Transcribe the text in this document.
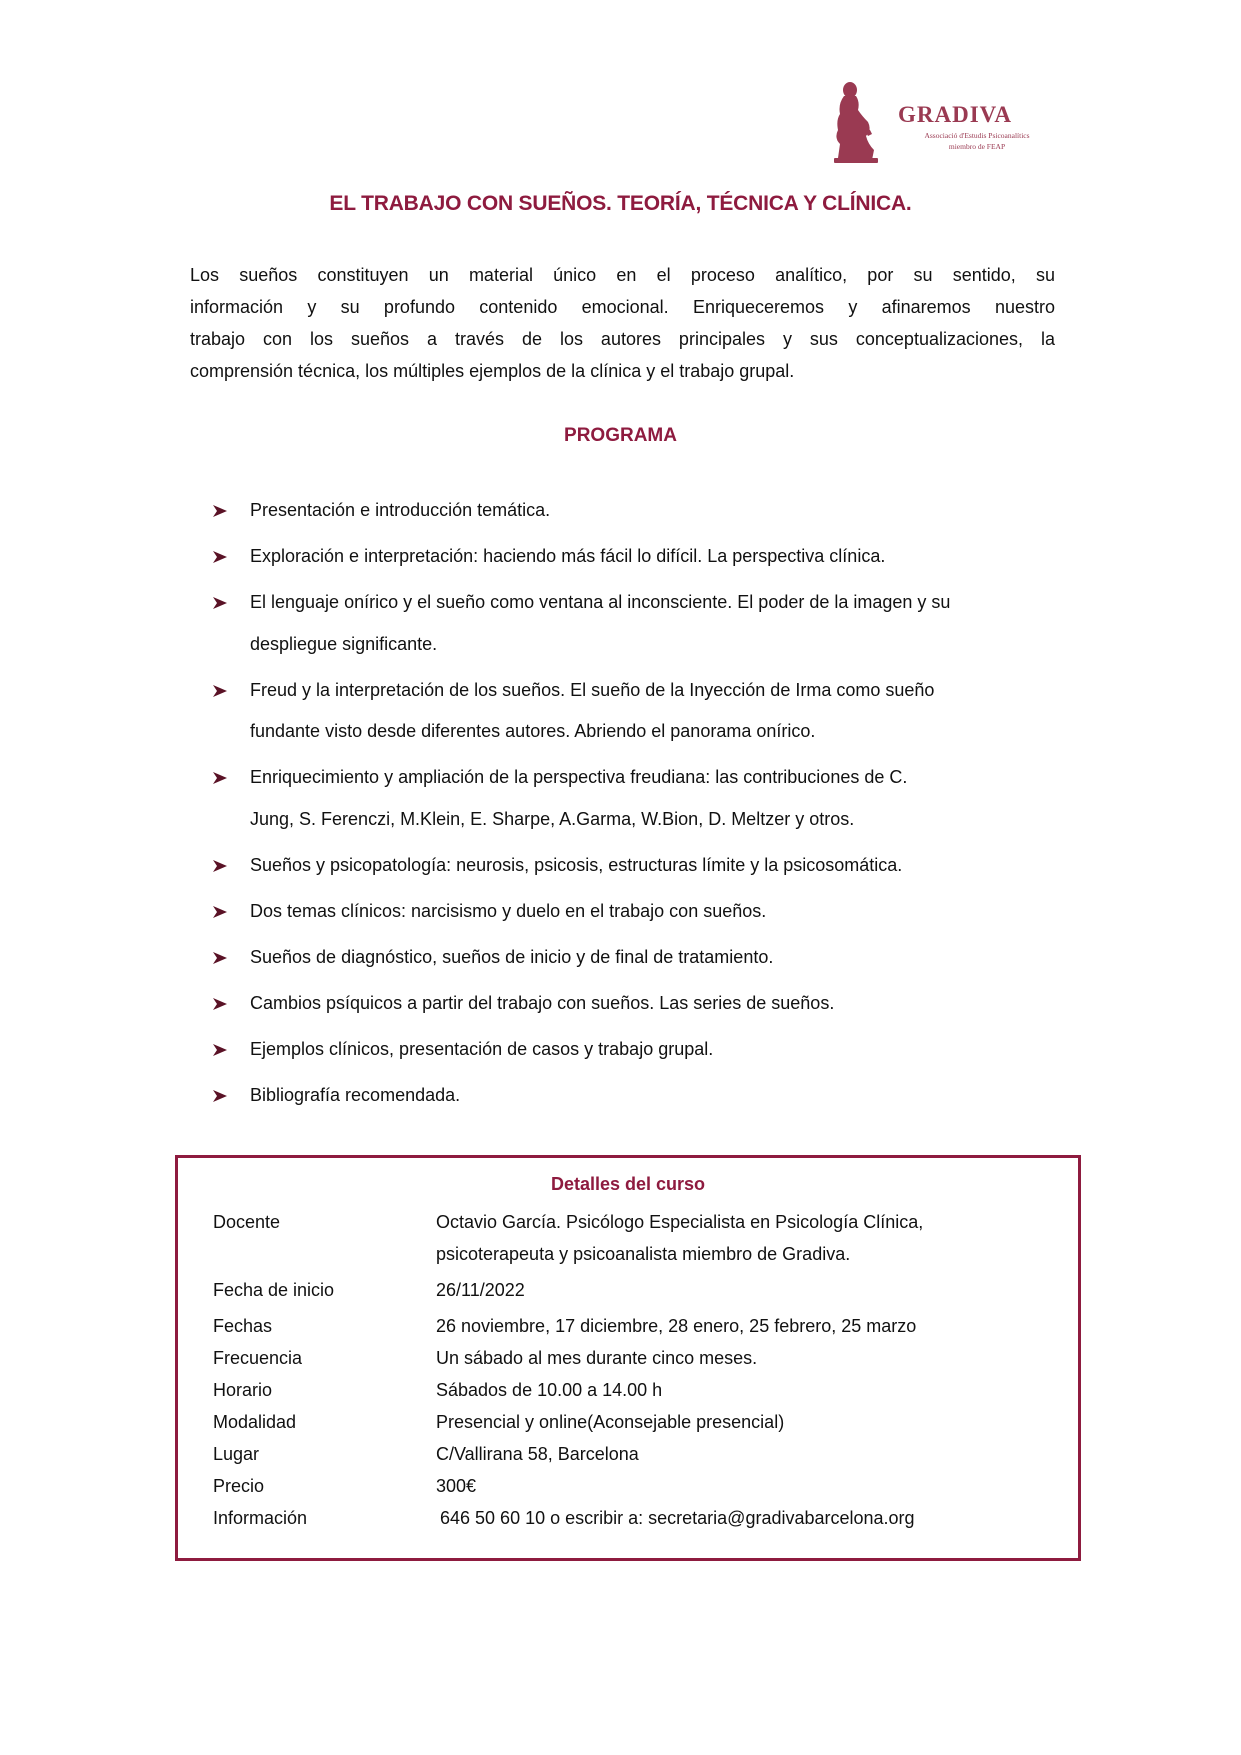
GRADIVA
Associació d'Estudis Psicoanalítics
miembro de FEAP
EL TRABAJO CON SUEÑOS. TEORÍA, TÉCNICA Y CLÍNICA.
Los sueños constituyen un material único en el proceso analítico, por su sentido, su
información y su profundo contenido emocional. Enriqueceremos y afinaremos nuestro
trabajo con los sueños a través de los autores principales y sus conceptualizaciones, la
comprensión técnica, los múltiples ejemplos de la clínica y el trabajo grupal.
PROGRAMA
Presentación e introducción temática.
Exploración e interpretación: haciendo más fácil lo difícil. La perspectiva clínica.
El lenguaje onírico y el sueño como ventana al inconsciente. El poder de la imagen y su
despliegue significante.
Freud y la interpretación de los sueños. El sueño de la Inyección de Irma como sueño
fundante visto desde diferentes autores. Abriendo el panorama onírico.
Enriquecimiento y ampliación de la perspectiva freudiana: las contribuciones de C.
Jung, S. Ferenczi, M.Klein, E. Sharpe, A.Garma, W.Bion, D. Meltzer y otros.
Sueños y psicopatología: neurosis, psicosis, estructuras límite y la psicosomática.
Dos temas clínicos: narcisismo y duelo en el trabajo con sueños.
Sueños de diagnóstico, sueños de inicio y de final de tratamiento.
Cambios psíquicos a partir del trabajo con sueños. Las series de sueños.
Ejemplos clínicos, presentación de casos y trabajo grupal.
Bibliografía recomendada.
Detalles del curso
Docente	Octavio García. Psicólogo Especialista en Psicología Clínica,
psicoterapeuta y psicoanalista miembro de Gradiva.
Fecha de inicio	26/11/2022
Fechas	26 noviembre, 17 diciembre, 28 enero, 25 febrero, 25 marzo
Frecuencia	Un sábado al mes durante cinco meses.
Horario	Sábados de 10.00 a 14.00 h
Modalidad	Presencial y online(Aconsejable presencial)
Lugar	C/Vallirana 58, Barcelona
Precio	300€
Información	646 50 60 10 o escribir a: secretaria@gradivabarcelona.org
